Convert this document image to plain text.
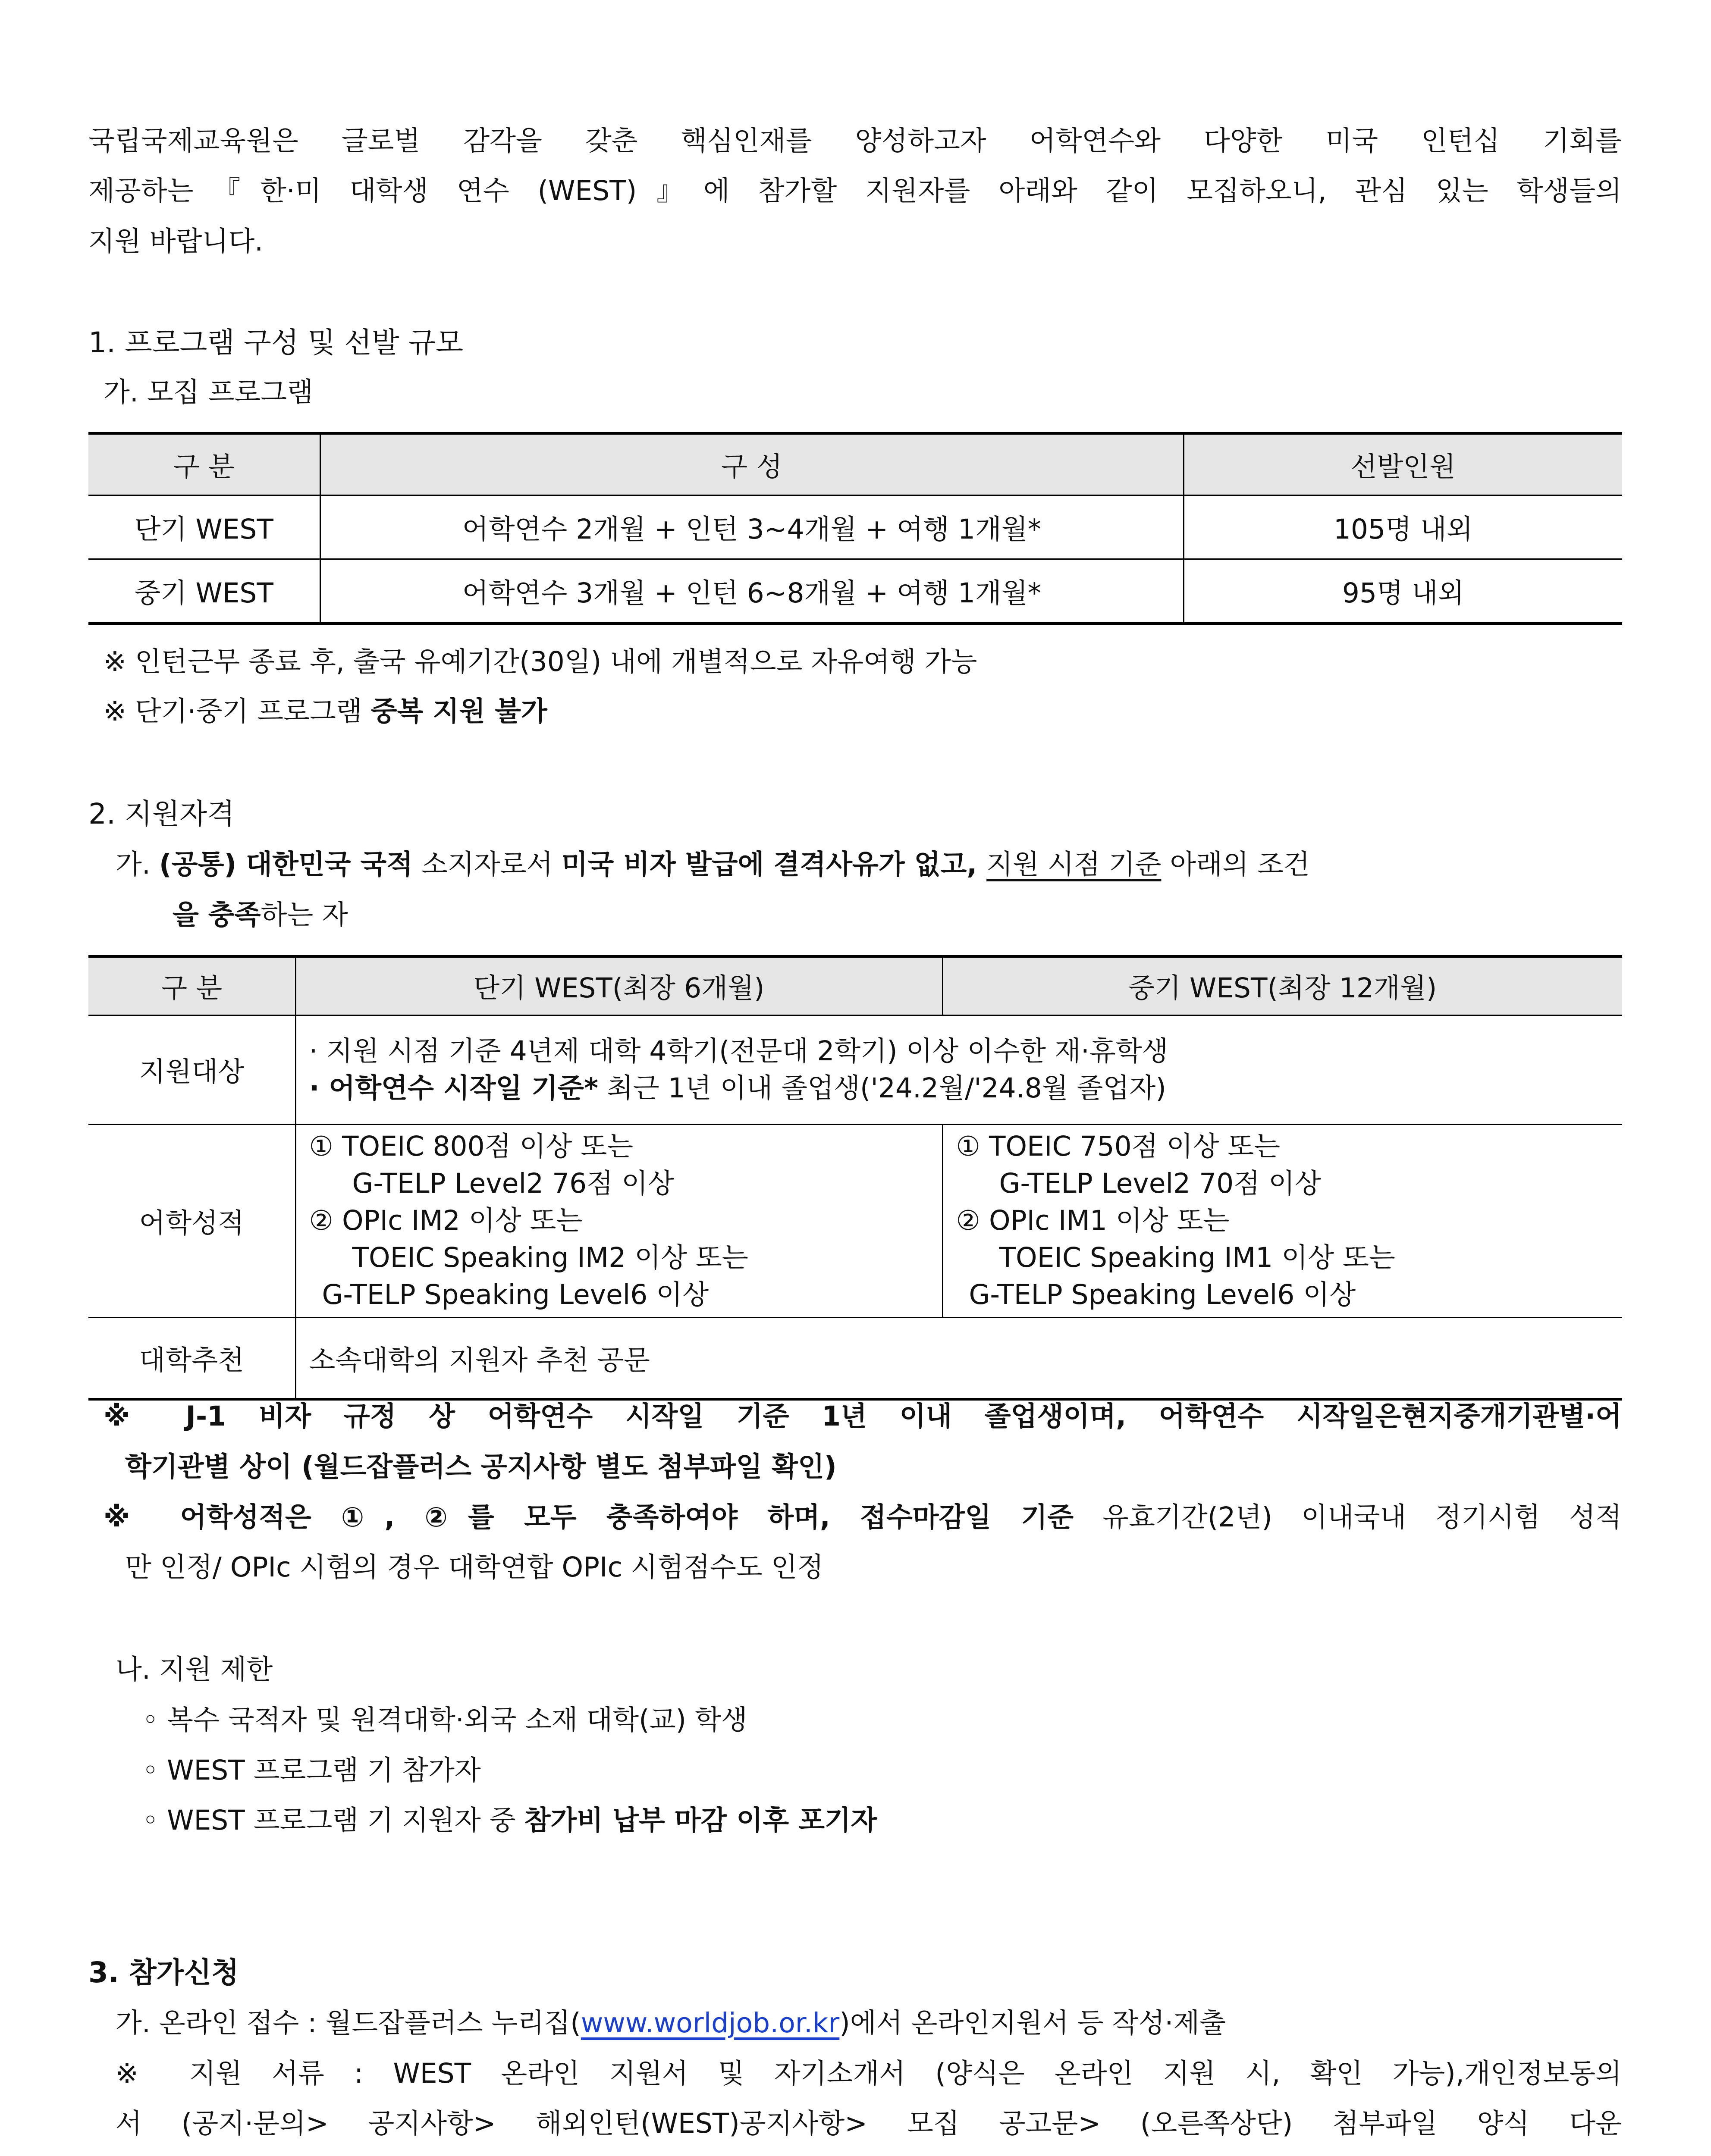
국립국제교육원은 글로벌 감각을 갖춘 핵심인재를 양성하고자 어학연수와 다양한 미국 인턴십 기회를
제공하는『한·미 대학생 연수 (WEST)』에 참가할 지원자를 아래와 같이 모집하오니, 관심 있는 학생들의
지원 바랍니다.
1. 프로그램 구성 및 선발 규모
가. 모집 프로그램
구 분	구 성	선발인원
단기 WEST	어학연수 2개월 + 인턴 3~4개월 + 여행 1개월*	105명 내외
중기 WEST	어학연수 3개월 + 인턴 6~8개월 + 여행 1개월*	95명 내외
※ 인턴근무 종료 후, 출국 유예기간(30일) 내에 개별적으로 자유여행 가능
※ 단기·중기 프로그램 중복 지원 불가
2. 지원자격
가. (공통) 대한민국 국적 소지자로서 미국 비자 발급에 결격사유가 없고, 지원 시점 기준 아래의 조건
을 충족하는 자
구 분	단기 WEST(최장 6개월)	중기 WEST(최장 12개월)
지원대상	· 지원 시점 기준 4년제 대학 4학기(전문대 2학기) 이상 이수한 재·휴학생
· 어학연수 시작일 기준* 최근 1년 이내 졸업생('24.2월/'24.8월 졸업자)	

어학성적	① TOEIC 800점 이상 또는
G-TELP Level2 76점 이상
② OPIc IM2 이상 또는
TOEIC Speaking IM2 이상 또는
G-TELP Speaking Level6 이상	① TOEIC 750점 이상 또는
G-TELP Level2 70점 이상
② OPIc IM1 이상 또는
TOEIC Speaking IM1 이상 또는
G-TELP Speaking Level6 이상

대학추천	소속대학의 지원자 추천 공문	
※ J-1 비자 규정 상 어학연수 시작일 기준 1년 이내 졸업생이며, 어학연수 시작일은현지중개기관별·어
학기관별 상이 (월드잡플러스 공지사항 별도 첨부파일 확인)
※ 어학성적은 ①, ②를 모두 충족하여야 하며, 접수마감일 기준 유효기간(2년) 이내국내 정기시험 성적
만 인정/ OPIc 시험의 경우 대학연합 OPIc 시험점수도 인정
나. 지원 제한
◦ 복수 국적자 및 원격대학·외국 소재 대학(교) 학생
◦ WEST 프로그램 기 참가자
◦ WEST 프로그램 기 지원자 중 참가비 납부 마감 이후 포기자
3. 참가신청
가. 온라인 접수 : 월드잡플러스 누리집(www.worldjob.or.kr)에서 온라인지원서 등 작성·제출
※ 지원 서류 : WEST 온라인 지원서 및 자기소개서 (양식은 온라인 지원 시, 확인 가능),개인정보동의
서 (공지·문의> 공지사항> 해외인턴(WEST)공지사항> 모집 공고문> (오른쪽상단) 첨부파일 양식 다운
